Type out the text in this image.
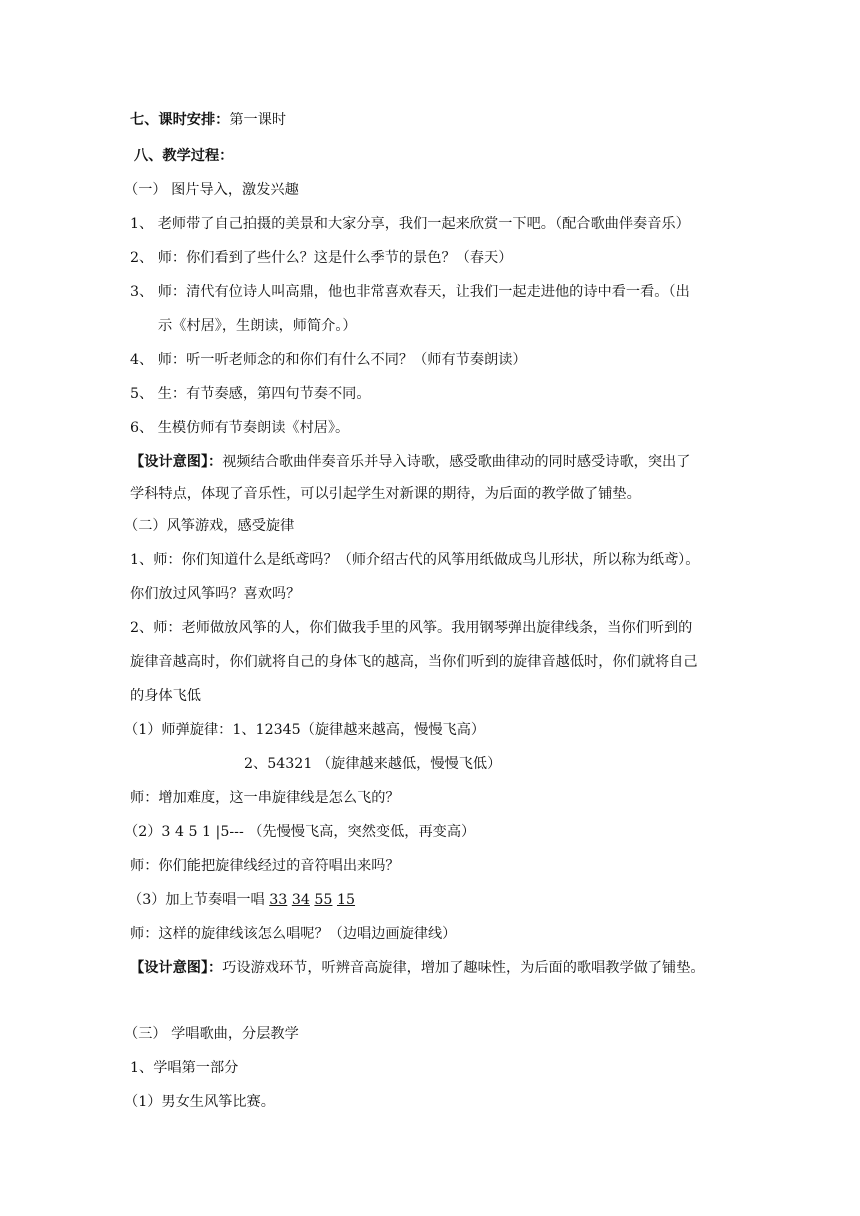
七、课时安排：第一课时
八、教学过程：
（一） 图片导入，激发兴趣
1、 老师带了自己拍摄的美景和大家分享，我们一起来欣赏一下吧。（配合歌曲伴奏音乐）
2、 师：你们看到了些什么？这是什么季节的景色？（春天）
3、 师：清代有位诗人叫高鼎，他也非常喜欢春天，让我们一起走进他的诗中看一看。（出
示《村居》，生朗读，师简介。）
4、 师：听一听老师念的和你们有什么不同？（师有节奏朗读）
5、 生：有节奏感，第四句节奏不同。
6、 生模仿师有节奏朗读《村居》。
【设计意图】：视频结合歌曲伴奏音乐并导入诗歌，感受歌曲律动的同时感受诗歌，突出了
学科特点，体现了音乐性，可以引起学生对新课的期待，为后面的教学做了铺垫。
（二）风筝游戏，感受旋律
1、师：你们知道什么是纸鸢吗？（师介绍古代的风筝用纸做成鸟儿形状，所以称为纸鸢）。
你们放过风筝吗？喜欢吗？
2、师：老师做放风筝的人，你们做我手里的风筝。我用钢琴弹出旋律线条，当你们听到的
旋律音越高时，你们就将自己的身体飞的越高，当你们听到的旋律音越低时，你们就将自己
的身体飞低
（1）师弹旋律：1、12345（旋律越来越高，慢慢飞高）
2、54321 （旋律越来越低，慢慢飞低）
师：增加难度，这一串旋律线是怎么飞的？
（2）3 4 5 1 |5--- （先慢慢飞高，突然变低，再变高）
师：你们能把旋律线经过的音符唱出来吗？
（3）加上节奏唱一唱 33 34 55 15
师：这样的旋律线该怎么唱呢？（边唱边画旋律线）
【设计意图】：巧设游戏环节，听辨音高旋律，增加了趣味性，为后面的歌唱教学做了铺垫。
（三） 学唱歌曲，分层教学
1、学唱第一部分
（1）男女生风筝比赛。
